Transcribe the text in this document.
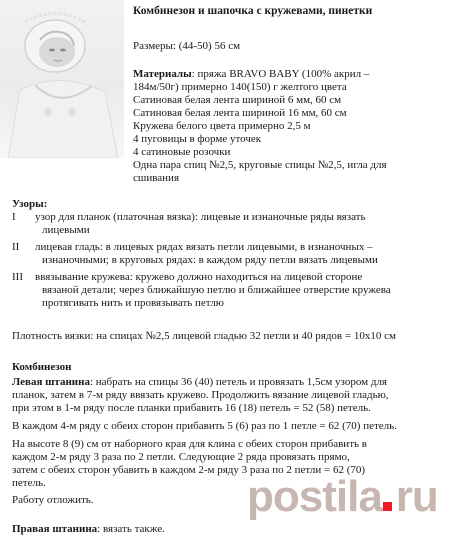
Комбинезон и шапочка с кружевами, пинетки
Размеры: (44-50) 56 см
Материалы: пряжа BRAVO BABY (100% акрил –
184м/50г) примерно 140(150) г желтого цвета
Сатиновая белая лента шириной 6 мм, 60 см
Сатиновая белая лента шириной 16 мм, 60 см
Кружева белого цвета примерно 2,5 м
4 пуговицы в форме уточек
4 сатиновые розочки
Одна пара спиц №2,5, круговые спицы №2,5, игла для
сшивания
Узоры:
I узор для планок (платочная вязка): лицевые и изнаночные ряды вязать
лицевыми
II лицевая гладь: в лицевых рядах вязать петли лицевыми, в изнаночных –
изнаночными; в круговых рядах: в каждом ряду петли вязать лицевыми
III ввязывание кружева: кружево должно находиться на лицевой стороне
вязаной детали; через ближайшую петлю и ближайшее отверстие кружева
протягивать нить и провязывать петлю
Плотность вязки: на спицах №2,5 лицевой гладью 32 петли и 40 рядов = 10х10 см
Комбинезон
Левая штанина: набрать на спицы 36 (40) петель и провязать 1,5см узором для
планок, затем в 7-м ряду ввязать кружево. Продолжить вязание лицевой гладью,
при этом в 1-м ряду после планки прибавить 16 (18) петель = 52 (58) петель.
В каждом 4-м ряду с обеих сторон прибавить 5 (6) раз по 1 петле = 62 (70) петель.
На высоте 8 (9) см от наборного края для клина с обеих сторон прибавить в
каждом 2-м ряду 3 раза по 2 петли. Следующие 2 ряда провязать прямо,
затем с обеих сторон убавить в каждом 2-м ряду 3 раза по 2 петли = 62 (70)
петель.
Работу отложить.
Правая штанина: вязать также.
postila ru
